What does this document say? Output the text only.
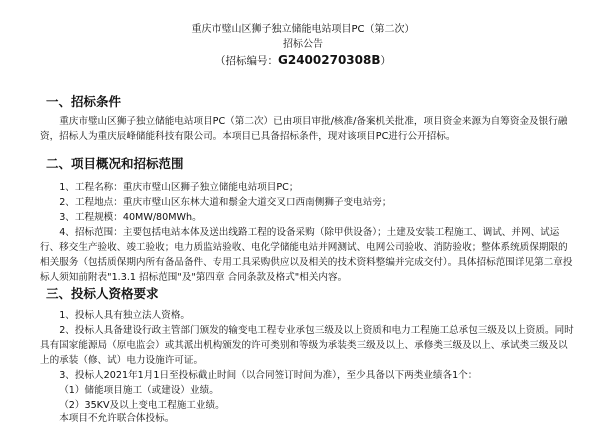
重庆市璧山区狮子独立储能电站项目PC（第二次）
招标公告
（招标编号：G2400270308B）
一、招标条件

重庆市璧山区狮子独立储能电站项目PC（第二次）已由项目审批/核准/备案机关批准，项目资金来源为自筹资金及银行融资，招标人为重庆辰峰储能科技有限公司。本项目已具备招标条件，现对该项目PC进行公开招标。

二、项目概况和招标范围
1、工程名称：重庆市璧山区狮子独立储能电站项目PC；
2、工程地点：重庆市璧山区东林大道和鬃金大道交叉口西南侧狮子变电站旁；
3、工程规模：40MW/80MWh。
4、招标范围：主要包括电站本体及送出线路工程的设备采购（除甲供设备）；土建及安装工程施工、调试、并网、试运行、移交生产验收、竣工验收；电力质监站验收、电化学储能电站并网测试、电网公司验收、消防验收；整体系统质保期限的相关服务（包括质保期内所有备品备件、专用工具采购供应以及相关的技术资料整编并完成交付）。具体招标范围详见第二章投标人须知前附表"1.3.1 招标范围"及"第四章 合同条款及格式"相关内容。
三、投标人资格要求
1、投标人具有独立法人资格。
2、投标人具备建设行政主管部门颁发的输变电工程专业承包三级及以上资质和电力工程施工总承包三级及以上资质。同时具有国家能源局（原电监会）或其派出机构颁发的许可类别和等级为承装类三级及以上、承修类三级及以上、承试类三级及以上的承装（修、试）电力设施许可证。
3、投标人2021年1月1日至投标截止时间（以合同签订时间为准），至少具备以下两类业绩各1个：
（1）储能项目施工（或建设）业绩。
（2）35KV及以上变电工程施工业绩。
本项目不允许联合体投标。
